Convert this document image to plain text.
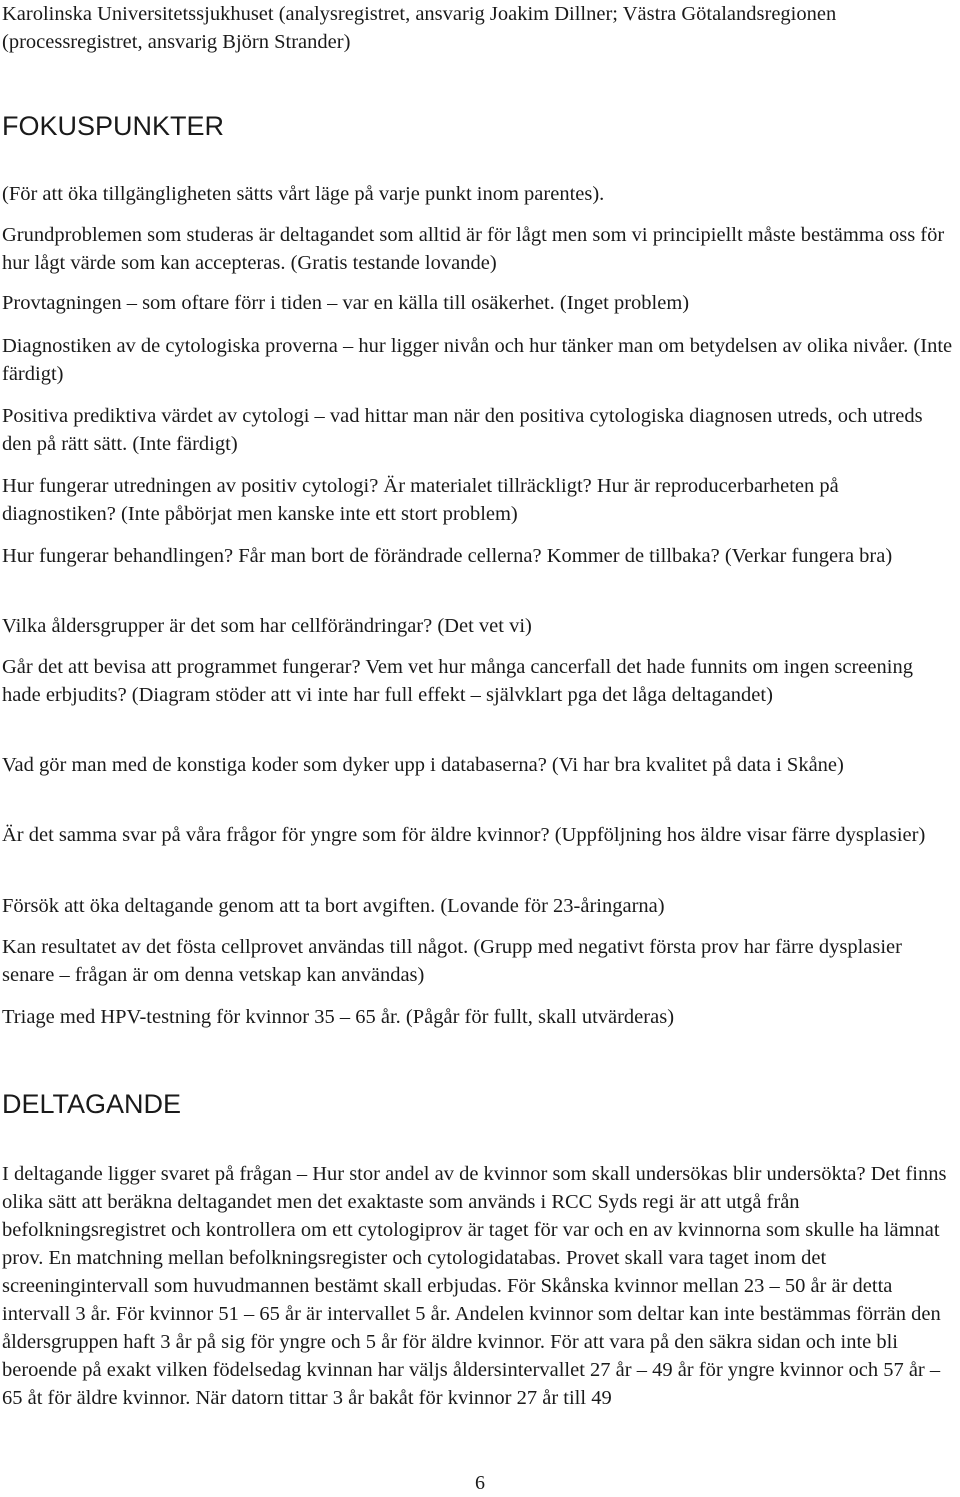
Karolinska Universitetssjukhuset (analysregistret, ansvarig Joakim Dillner; Västra Götalandsregionen (processregistret, ansvarig Björn Strander)

FOKUSPUNKTER

(För att öka tillgängligheten sätts vårt läge på varje punkt inom parentes).

Grundproblemen som studeras är deltagandet som alltid är för lågt men som vi principiellt måste bestämma oss för hur lågt värde som kan accepteras. (Gratis testande lovande)

Provtagningen – som oftare förr i tiden – var en källa till osäkerhet. (Inget problem)

Diagnostiken av de cytologiska proverna – hur ligger nivån och hur tänker man om betydelsen av olika nivåer. (Inte färdigt)

Positiva prediktiva värdet av cytologi – vad hittar man när den positiva cytologiska diagnosen utreds, och utreds den på rätt sätt. (Inte färdigt)

Hur fungerar utredningen av positiv cytologi? Är materialet tillräckligt? Hur är reproducerbarheten på diagnostiken? (Inte påbörjat men kanske inte ett stort problem)

Hur fungerar behandlingen? Får man bort de förändrade cellerna? Kommer de tillbaka? (Verkar fungera bra)

Vilka åldersgrupper är det som har cellförändringar? (Det vet vi)

Går det att bevisa att programmet fungerar? Vem vet hur många cancerfall det hade funnits om ingen screening hade erbjudits? (Diagram stöder att vi inte har full effekt – självklart pga det låga deltagandet)

Vad gör man med de konstiga koder som dyker upp i databaserna? (Vi har bra kvalitet på data i Skåne)

Är det samma svar på våra frågor för yngre som för äldre kvinnor? (Uppföljning hos äldre visar färre dysplasier)

Försök att öka deltagande genom att ta bort avgiften. (Lovande för 23-åringarna)

Kan resultatet av det fösta cellprovet användas till något. (Grupp med negativt första prov har färre dysplasier senare – frågan är om denna vetskap kan användas)

Triage med HPV-testning för kvinnor 35 – 65 år. (Pågår för fullt, skall utvärderas)

DELTAGANDE

I deltagande ligger svaret på frågan – Hur stor andel av de kvinnor som skall undersökas blir undersökta? Det finns olika sätt att beräkna deltagandet men det exaktaste som används i RCC Syds regi är att utgå från befolkningsregistret och kontrollera om ett cytologiprov är taget för var och en av kvinnorna som skulle ha lämnat prov. En matchning mellan befolkningsregister och cytologidatabas. Provet skall vara taget inom det screeningintervall som huvudmannen bestämt skall erbjudas. För Skånska kvinnor mellan 23 – 50 år är detta intervall 3 år. För kvinnor 51 – 65 år är intervallet 5 år. Andelen kvinnor som deltar kan inte bestämmas förrän den åldersgruppen haft 3 år på sig för yngre och 5 år för äldre kvinnor. För att vara på den säkra sidan och inte bli beroende på exakt vilken födelsedag kvinnan har väljs åldersintervallet 27 år – 49 år för yngre kvinnor och 57 år – 65 åt för äldre kvinnor. När datorn tittar 3 år bakåt för kvinnor 27 år till 49

6
